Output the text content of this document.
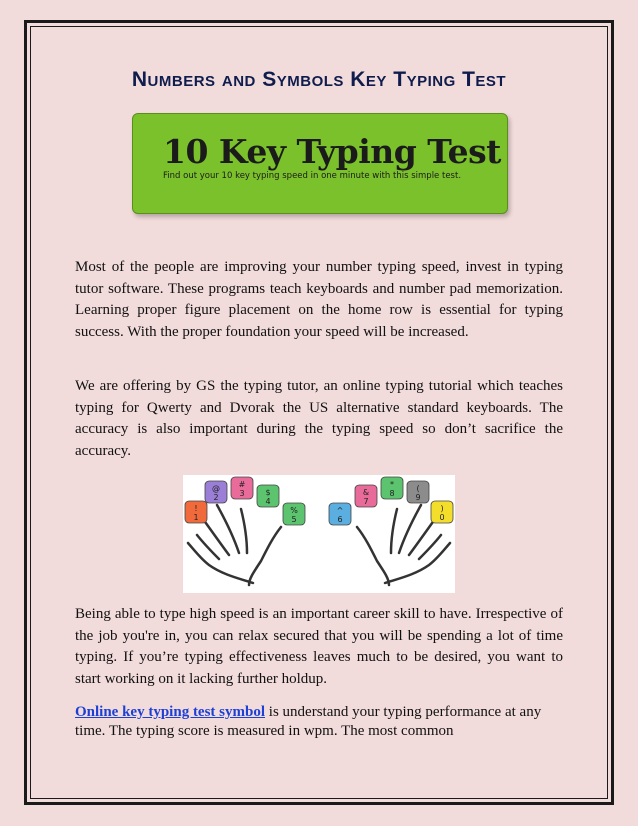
Numbers and Symbols Key Typing Test
10 Key Typing Test
Find out your 10 key typing speed in one minute with this simple test.
Most of the people are improving your number typing speed, invest in typing tutor software. These programs teach keyboards and number pad memorization. Learning proper figure placement on the home row is essential for typing success. With the proper foundation your speed will be increased.
We are offering by GS the typing tutor, an online typing tutorial which teaches typing for Qwerty and Dvorak the US alternative standard keyboards. The accuracy is also important during the typing speed so don’t sacrifice the accuracy.
!
1
@
2
#
3	$
4
%
5
^
6
&
7
*
8
(
9
)
0
Being able to type high speed is an important career skill to have. Irrespective of the job you're in, you can relax secured that you will be spending a lot of time typing. If you’re typing effectiveness leaves much to be desired, you want to start working on it lacking further holdup.
Online key typing test symbol is understand your typing performance at any time. The typing score is measured in wpm. The most common
